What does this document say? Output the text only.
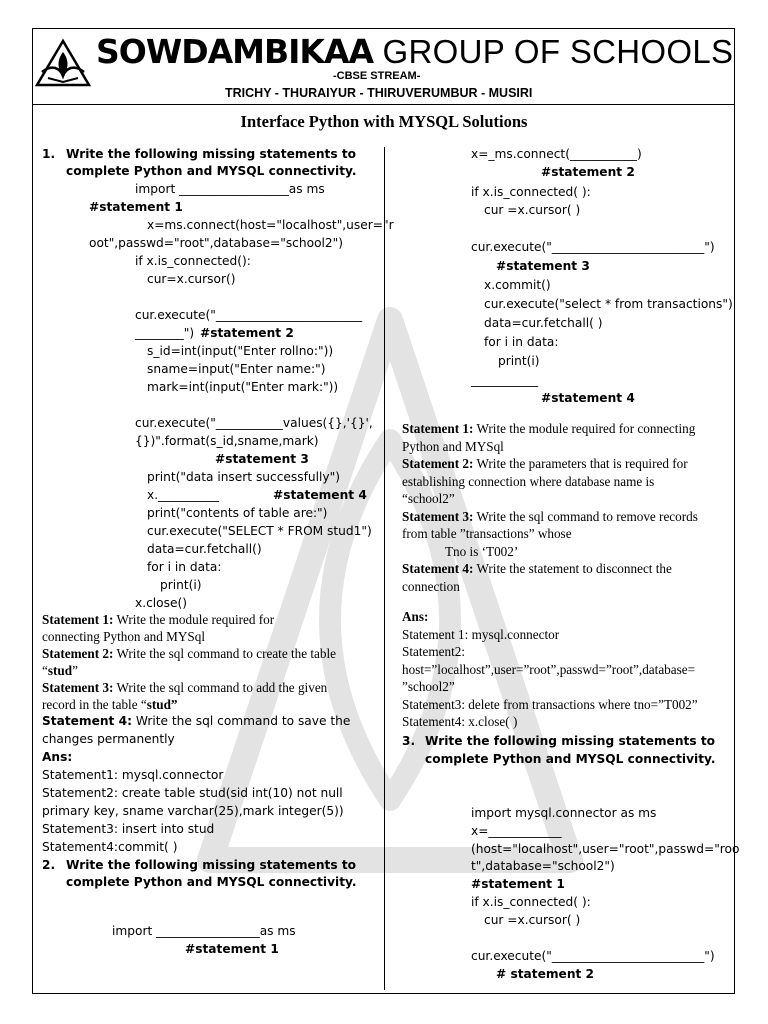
SOWDAMBIKAA GROUP OF SCHOOLS
-CBSE STREAM-
TRICHY - THURAIYUR - THIRUVERUMBUR - MUSIRI
Interface Python with MYSQL Solutions
1. Write the following missing statements to
complete Python and MYSQL connectivity.
import __________________as ms
#statement 1
x=ms.connect(host="localhost",user="r
oot",passwd="root",database="school2")
if x.is_connected():
cur=x.cursor()
cur.execute("________________________
________") #statement 2
s_id=int(input("Enter rollno:"))
sname=input("Enter name:")
mark=int(input("Enter mark:"))
cur.execute("___________values({},'{}',
{})".format(s_id,sname,mark)
#statement 3
print("data insert successfully")
x.__________	#statement 4
print("contents of table are:")
cur.execute("SELECT * FROM stud1")
data=cur.fetchall()
for i in data:
print(i)
x.close()
Statement 1: Write the module required for
connecting Python and MYSql
Statement 2: Write the sql command to create the table
“stud”
Statement 3: Write the sql command to add the given
record in the table “stud”
Statement 4: Write the sql command to save the
changes permanently
Ans:
Statement1: mysql.connector
Statement2: create table stud(sid int(10) not null
primary key, sname varchar(25),mark integer(5))
Statement3: insert into stud
Statement4:commit( )
2. Write the following missing statements to
complete Python and MYSQL connectivity.
import _________________as ms
#statement 1
x=_ms.connect(___________)
#statement 2
if x.is_connected( ):
cur =x.cursor( )
cur.execute("_________________________")
#statement 3
x.commit()
cur.execute("select * from transactions")
data=cur.fetchall( )
for i in data:
print(i)
___________
#statement 4
Statement 1: Write the module required for connecting
Python and MYSql
Statement 2: Write the parameters that is required for
establishing connection where database name is
“school2”
Statement 3: Write the sql command to remove records
from table ”transactions” whose
Tno is ‘T002’
Statement 4: Write the statement to disconnect the
connection
Ans:
Statement 1: mysql.connector
Statement2:
host=”localhost”,user=”root”,passwd=”root”,database=
”school2”
Statement3: delete from transactions where tno=”T002”
Statement4: x.close( )
3. Write the following missing statements to
complete Python and MYSQL connectivity.
import mysql.connector as ms
x=____________
(host="localhost",user="root",passwd="roo
t",database="school2")
#statement 1
if x.is_connected( ):
cur =x.cursor( )
cur.execute("_________________________")
# statement 2
